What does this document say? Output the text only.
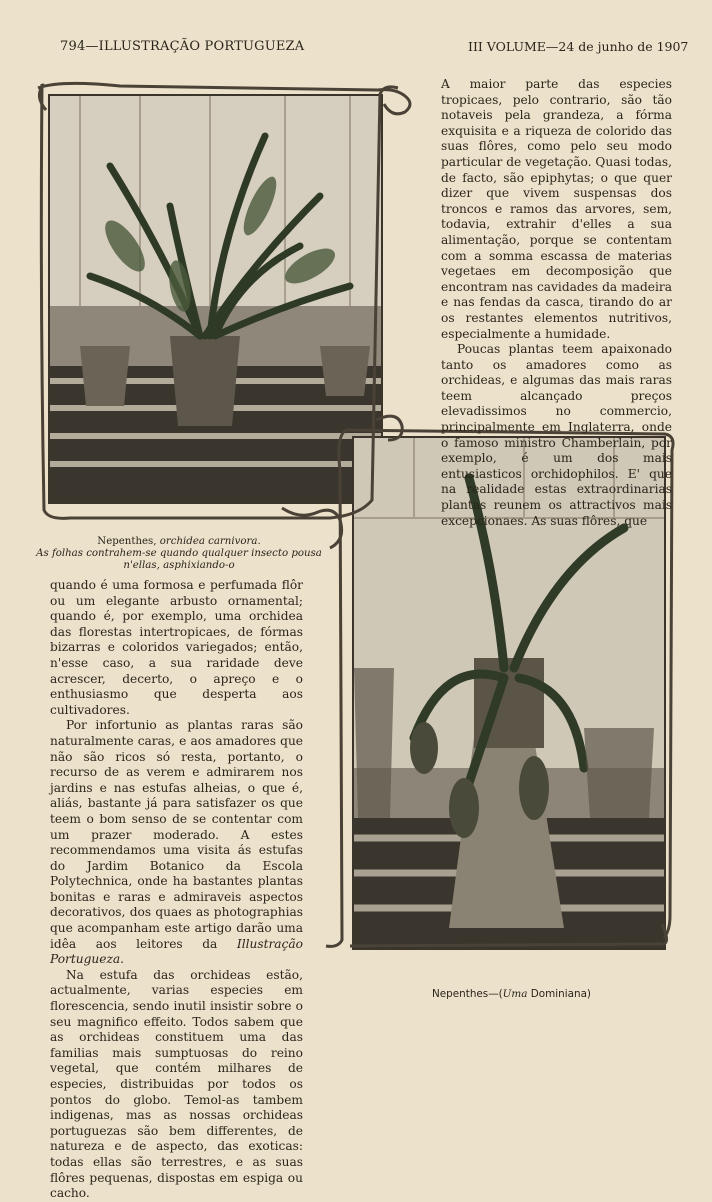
794—ILLUSTRAÇÃO PORTUGUEZA	III VOLUME—24 de junho de 1907

A maior parte das especies tropicaes, pelo contrario, são tão notaveis pela grandeza, a fórma exquisita e a riqueza de colorido das suas flôres, como pelo seu modo particular de vegetação. Quasi todas, de facto, são epiphytas; o que quer dizer que vivem suspensas dos troncos e ramos das arvores, sem, todavia, extrahir d'elles a sua alimentação, porque se contentam com a somma escassa de materias vegetaes em decomposição que encontram nas cavidades da madeira e nas fendas da casca, tirando do ar os restantes elementos nutritivos, especialmente a humidade.

Poucas plantas teem apaixonado tanto os amadores como as orchideas, e algumas das mais raras teem alcançado preços elevadissimos no commercio, principalmente em Inglaterra, onde o famoso ministro Chamberlain, por exemplo, é um dos mais entusiasticos orchidophilos. E' que na realidade estas extraordinarias plantas reunem os attractivos mais excepcionaes. As suas flôres, que

Nepenthes, orchidea carnivora.
As folhas contrahem-se quando qualquer insecto pousa
n'ellas, asphixiando-o

quando é uma formosa e perfumada flôr ou um elegante arbusto ornamental; quando é, por exemplo, uma orchidea das florestas intertropicaes, de fórmas bizarras e coloridos variegados; então, n'esse caso, a sua raridade deve acrescer, decerto, o apreço e o enthusiasmo que desperta aos cultivadores.

Por infortunio as plantas raras são naturalmente caras, e aos amadores que não são ricos só resta, portanto, o recurso de as verem e admirarem nos jardins e nas estufas alheias, o que é, aliás, bastante já para satisfazer os que teem o bom senso de se contentar com um prazer moderado. A estes recommendamos uma visita ás estufas do Jardim Botanico da Escola Polytechnica, onde ha bastantes plantas bonitas e raras e admiraveis aspectos decorativos, dos quaes as photographias que acompanham este artigo darão uma idêa aos leitores da Illustração Portugueza.

Na estufa das orchideas estão, actualmente, varias especies em florescencia, sendo inutil insistir sobre o seu magnifico effeito. Todos sabem que as orchideas constituem uma das familias mais sumptuosas do reino vegetal, que contém milhares de especies, distribuidas por todos os pontos do globo. Temol-as tambem indigenas, mas as nossas orchideas portuguezas são bem differentes, de natureza e de aspecto, das exoticas: todas ellas são terrestres, e as suas flôres pequenas, dispostas em espiga ou cacho.

Nepenthes—(Uma Dominiana)
